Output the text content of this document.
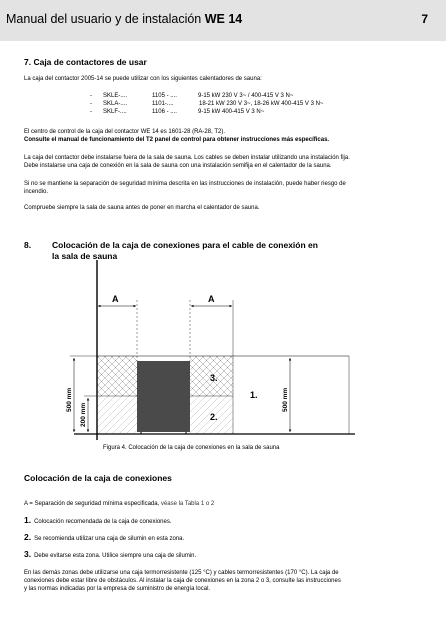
Manual del usuario y de instalación WE 14	7
7. Caja de contactores de usar
La caja del contactor 2005-14 se puede utilizar con los siguientes calentadores de sauna:
- SKLE-....	1105 - ....	9-15 kW 230 V 3~ / 400-415 V 3 N~
- SKLA-....	1101-....	18-21 kW 230 V 3~, 18-26 kW 400-415 V 3 N~
- SKLF-....	1106 - ....	9-15 kW 400-415 V 3 N~
El centro de control de la caja del contactor WE 14 es 1601-28 (RA-28, T2).
Consulte el manual de funcionamiento del T2 panel de control para obtener instrucciones más específicas.
La caja del contactor debe instalarse fuera de la sala de sauna. Los cables se deben instalar utilizando una instalación fija.
Debe instalarse una caja de conexión en la sala de sauna con una instalación semifija en el calentador de la sauna.
Si no se mantiene la separación de seguridad mínima descrita en las instrucciones de instalación, puede haber riesgo de
incendio.
Compruebe siempre la sala de sauna antes de poner en marcha el calentador de sauna.
8. Colocación de la caja de conexiones para el cable de conexión en
la sala de sauna
A	A
3.
2.
1.
500 mm
200 mm
500 mm
Figura 4. Colocación de la caja de conexiones en la sala de sauna
Colocación de la caja de conexiones
A = Separación de seguridad mínima especificada, véase la Tabla 1 o 2
1. Colocación recomendada de la caja de conexiones.
2. Se recomienda utilizar una caja de silumin en esta zona.
3. Debe evitarse esta zona. Utilice siempre una caja de silumin.
En las demás zonas debe utilizarse una caja termorresistente (125 °C) y cables termorresistentes (170 °C). La caja de
conexiones debe estar libre de obstáculos. Al instalar la caja de conexiones en la zona 2 o 3, consulte las instrucciones
y las normas indicadas por la empresa de suministro de energía local.
